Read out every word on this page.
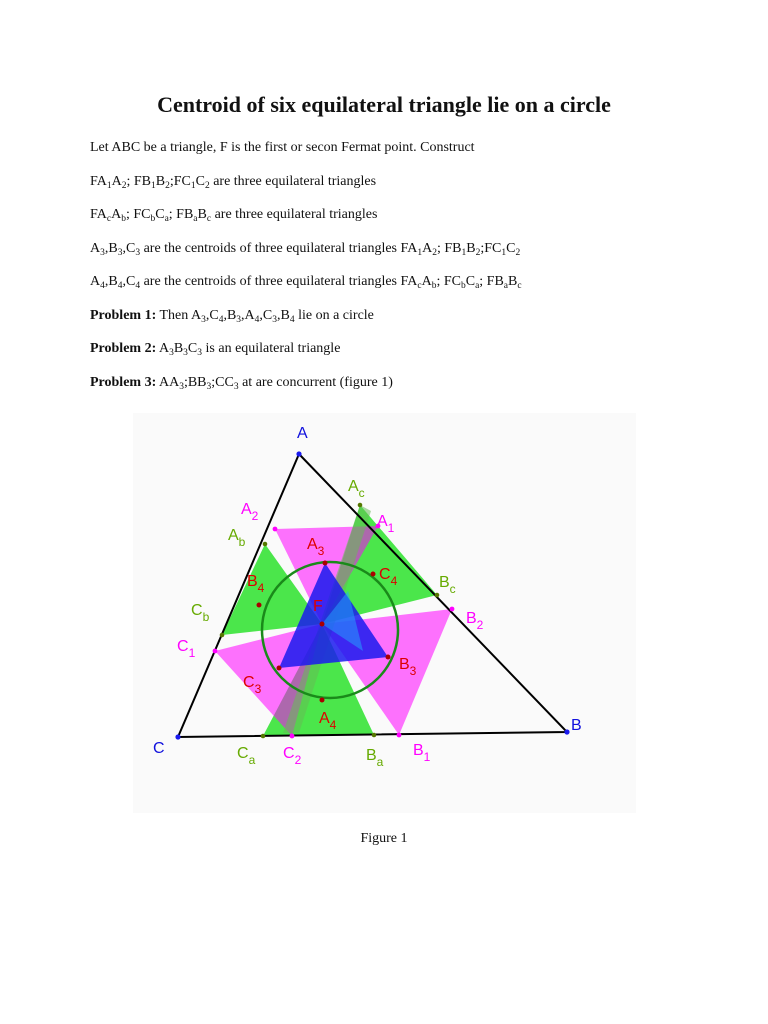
Centroid of six equilateral triangle lie on a circle
Let ABC be a triangle, F is the first or secon Fermat point. Construct
$FA_1A_2$; $FB_1B_2;FC_1C_2$ are three equilateral triangles
$FA_cA_b$; $FC_bC_a$; $FB_aB_c$ are three equilateral triangles
$A_3,B_3,C_3$ are the centroids of three equilateral triangles $FA_1A_2$; $FB_1B_2;FC_1C_2$
$A_4,B_4,C_4$ are the centroids of three equilateral triangles $FA_cA_b$; $FC_bC_a$; $FB_aB_c$
Problem 1: Then $A_3,C_4,B_3,A_4,C_3,B_4$ lie on a circle
Problem 2: $A_3B_3C_3$ is an equilateral triangle
Problem 3: $AA_3;BB_3;CC_3$ at are concurrent (figure 1)
A
B
C
$A_c$
$A_1$
$A_2$
$A_b$	$A_3$
$C_4$	$B_c$
$B_4$
$B_2$
$C_b$
F
$C_1$
$B_3$
$C_3$
$A_4$
$C_a$ $C_2$	$B_a$
$B_1$
Figure 1
